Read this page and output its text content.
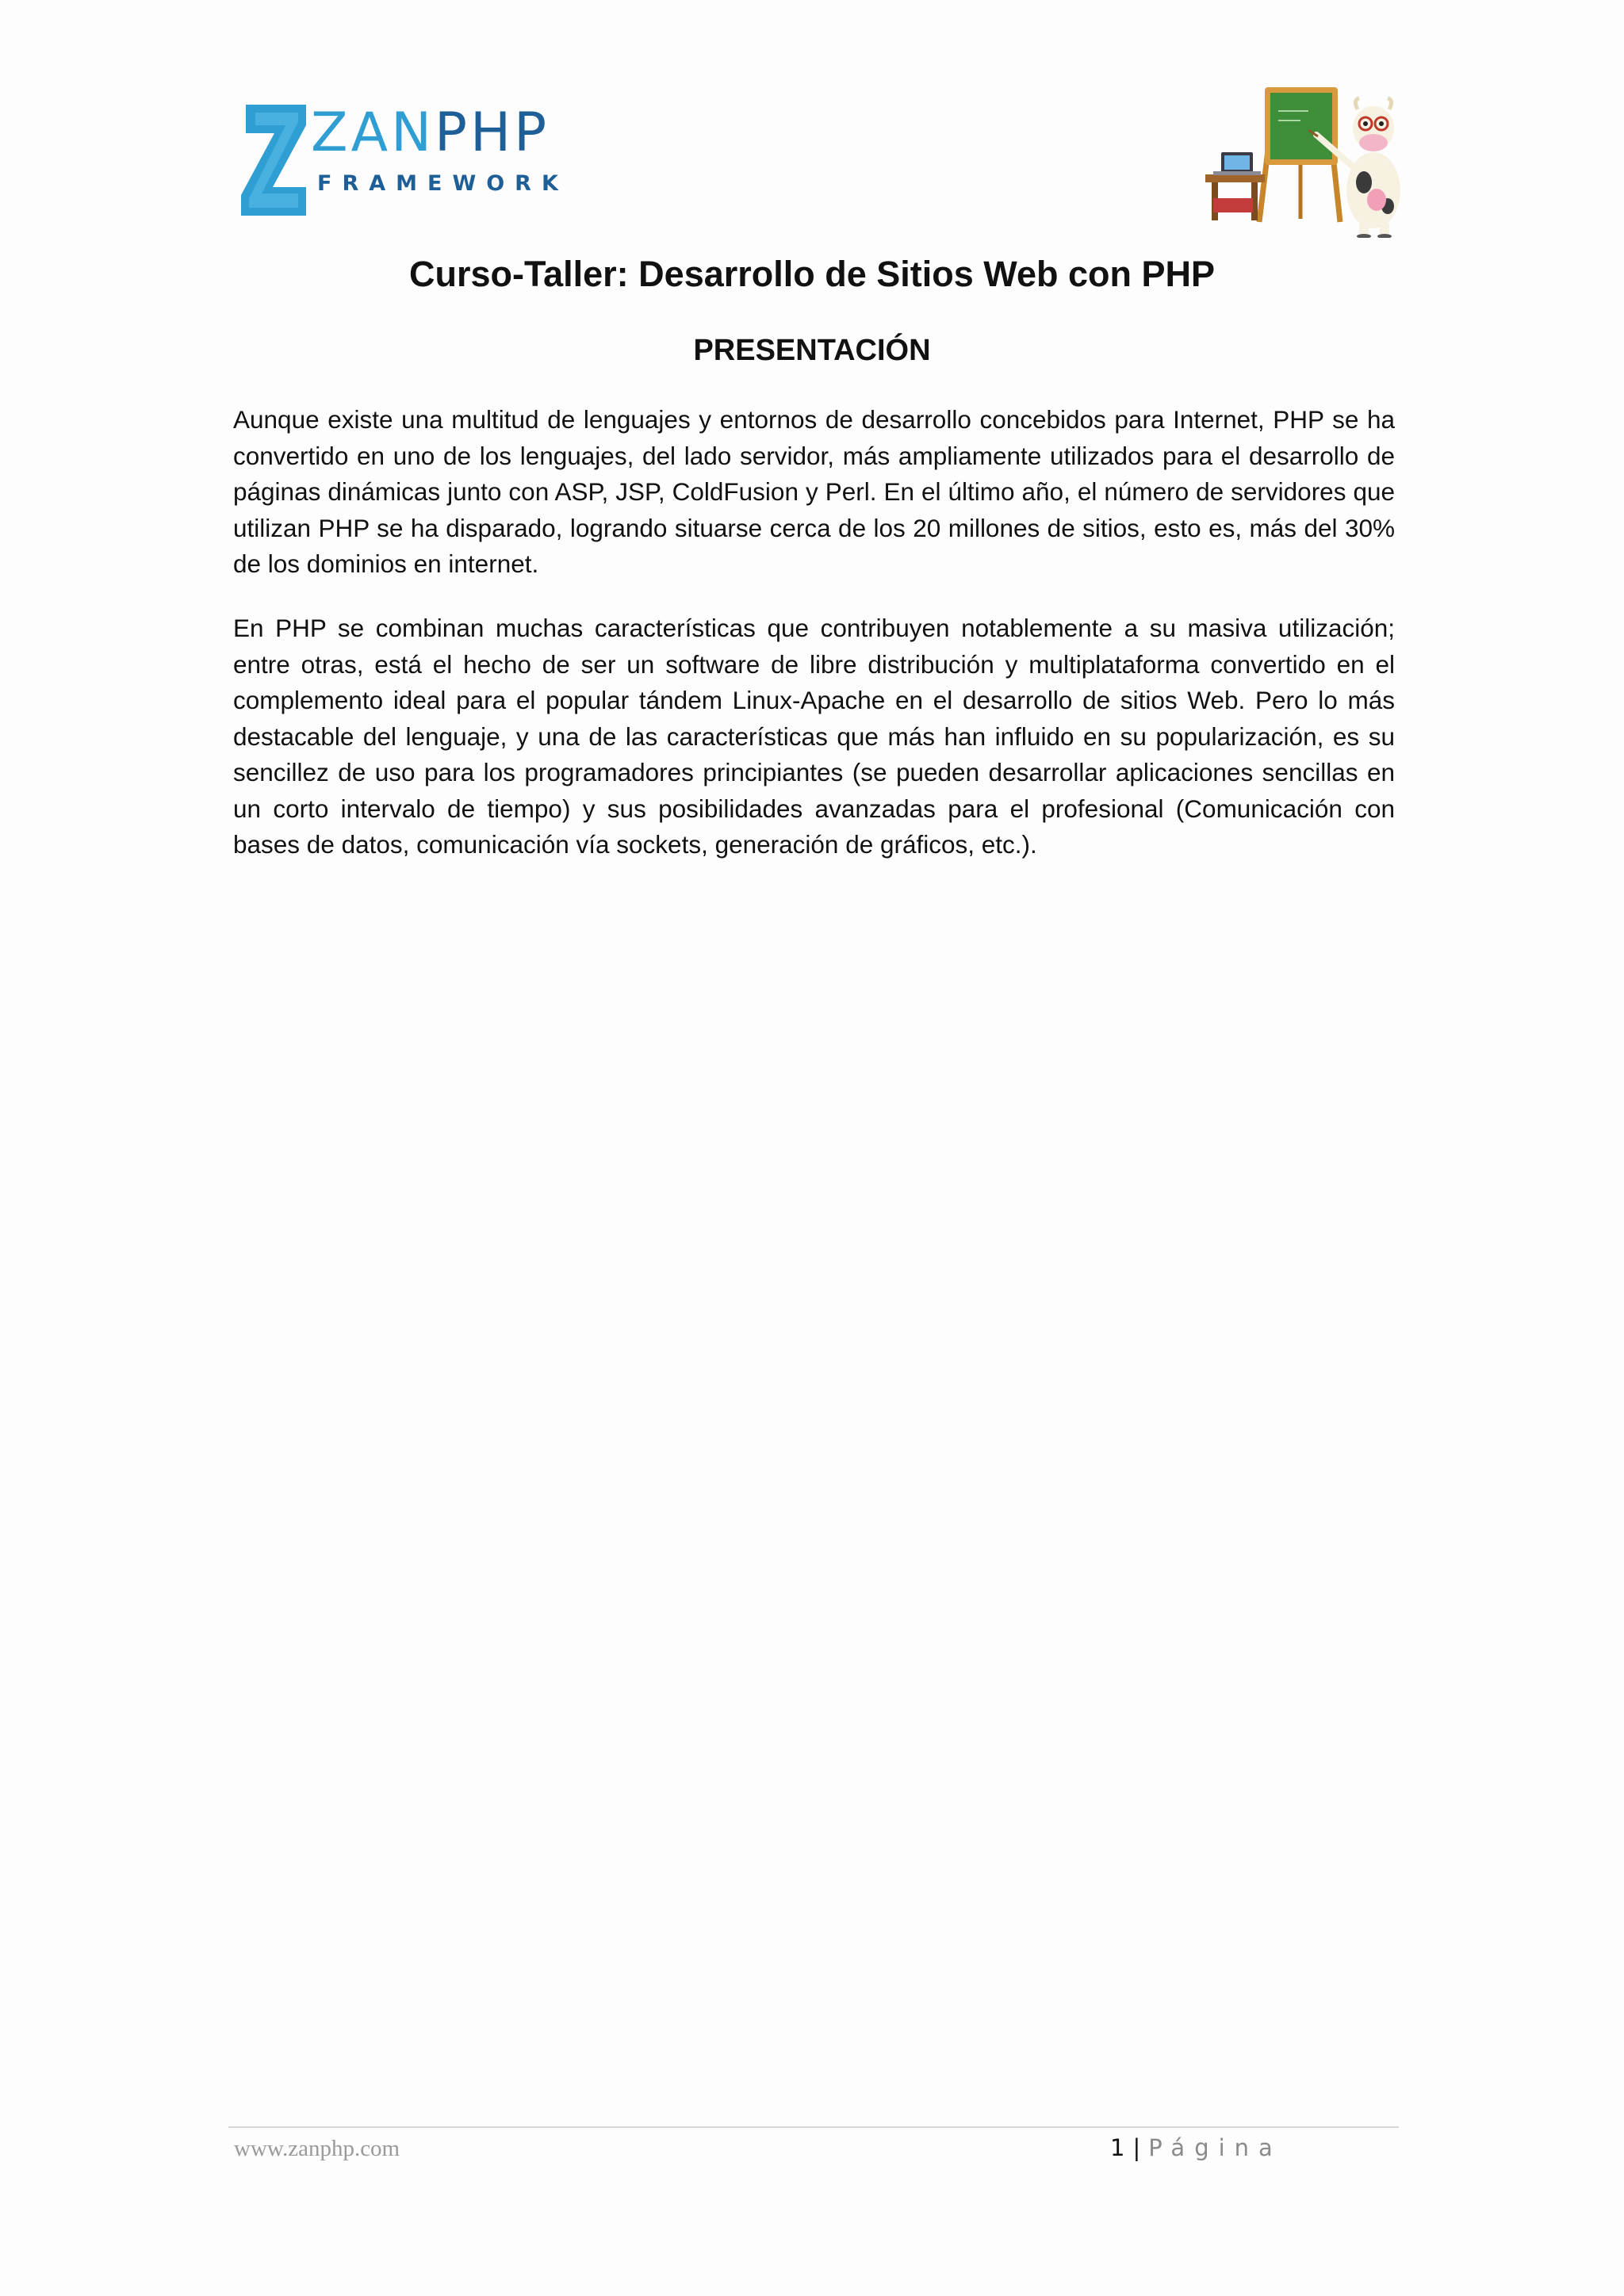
ZANPHP
FRAMEWORK
Curso-Taller: Desarrollo de Sitios Web con PHP
PRESENTACIÓN

Aunque existe una multitud de lenguajes y entornos de desarrollo concebidos para Internet, PHP se ha convertido en uno de los lenguajes, del lado servidor, más ampliamente utilizados para el desarrollo de páginas dinámicas junto con ASP, JSP, ColdFusion y Perl. En el último año, el número de servidores que utilizan PHP se ha disparado, logrando situarse cerca de los 20 millones de sitios, esto es, más del 30% de los dominios en internet.

En PHP se combinan muchas características que contribuyen notablemente a su masiva utilización; entre otras, está el hecho de ser un software de libre distribución y multiplataforma convertido en el complemento ideal para el popular tándem Linux-Apache en el desarrollo de sitios Web. Pero lo más destacable del lenguaje, y una de las características que más han influido en su popularización, es su sencillez de uso para los programadores principiantes (se pueden desarrollar aplicaciones sencillas en un corto intervalo de tiempo) y sus posibilidades avanzadas para el profesional (Comunicación con bases de datos, comunicación vía sockets, generación de gráficos, etc.).

www.zanphp.com	1 | Página
